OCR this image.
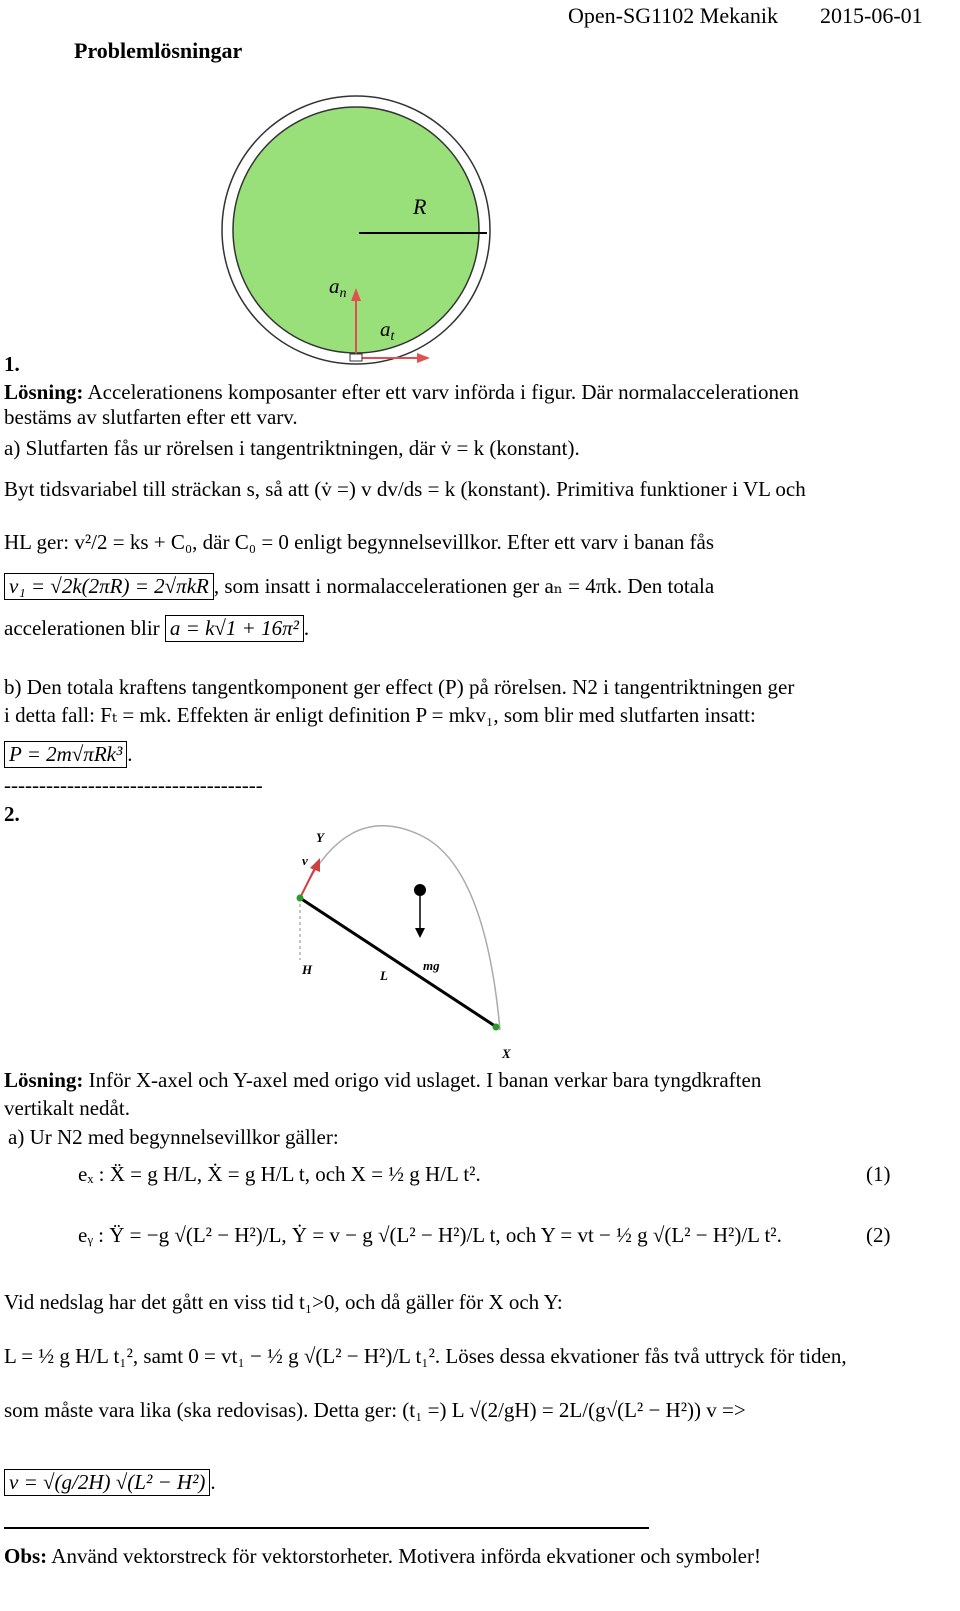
Open-SG1102 Mekanik 2015-06-01
Problemlösningar
R
an
at
1.
Lösning: Accelerationens komposanter efter ett varv införda i figur. Där normalaccelerationen
bestäms av slutfarten efter ett varv.
a) Slutfarten fås ur rörelsen i tangentriktningen, där v̇ = k (konstant).
Byt tidsvariabel till sträckan s, så att (v̇ =) v dv/ds = k (konstant). Primitiva funktioner i VL och
HL ger: v²/2 = ks + C₀, där C₀ = 0 enligt begynnelsevillkor. Efter ett varv i banan fås
v₁ = √2k(2πR) = 2√πkR , som insatt i normalaccelerationen ger aₙ = 4πk. Den totala
accelerationen blir a = k√1 + 16π² .
b) Den totala kraftens tangentkomponent ger effect (P) på rörelsen. N2 i tangentriktningen ger
i detta fall: Fₜ = mk. Effekten är enligt definition P = mkv₁, som blir med slutfarten insatt:
P = 2m√πRk³ .
-------------------------------------
2.
Y
v
H	L
mg
X
Lösning: Inför X-axel och Y-axel med origo vid uslaget. I banan verkar bara tyngdkraften
vertikalt nedåt.
a) Ur N2 med begynnelsevillkor gäller:
eₓ : Ẍ = g H/L, Ẋ = g H/L t, och X = ½ g H/L t².	(1)
eᵧ : Ÿ = −g √(L² − H²)/L, Ẏ = v − g √(L² − H²)/L t, och Y = vt − ½ g √(L² − H²)/L t².	(2)
Vid nedslag har det gått en viss tid t₁>0, och då gäller för X och Y:
L = ½ g H/L t₁², samt 0 = vt₁ − ½ g √(L² − H²)/L t₁². Löses dessa ekvationer fås två uttryck för tiden,
som måste vara lika (ska redovisas). Detta ger: (t₁ =) L √(2/gH) = 2L/(g√(L² − H²)) v =>
v = √(g/2H) √(L² − H²) .
Obs: Använd vektorstreck för vektorstorheter. Motivera införda ekvationer och symboler!
